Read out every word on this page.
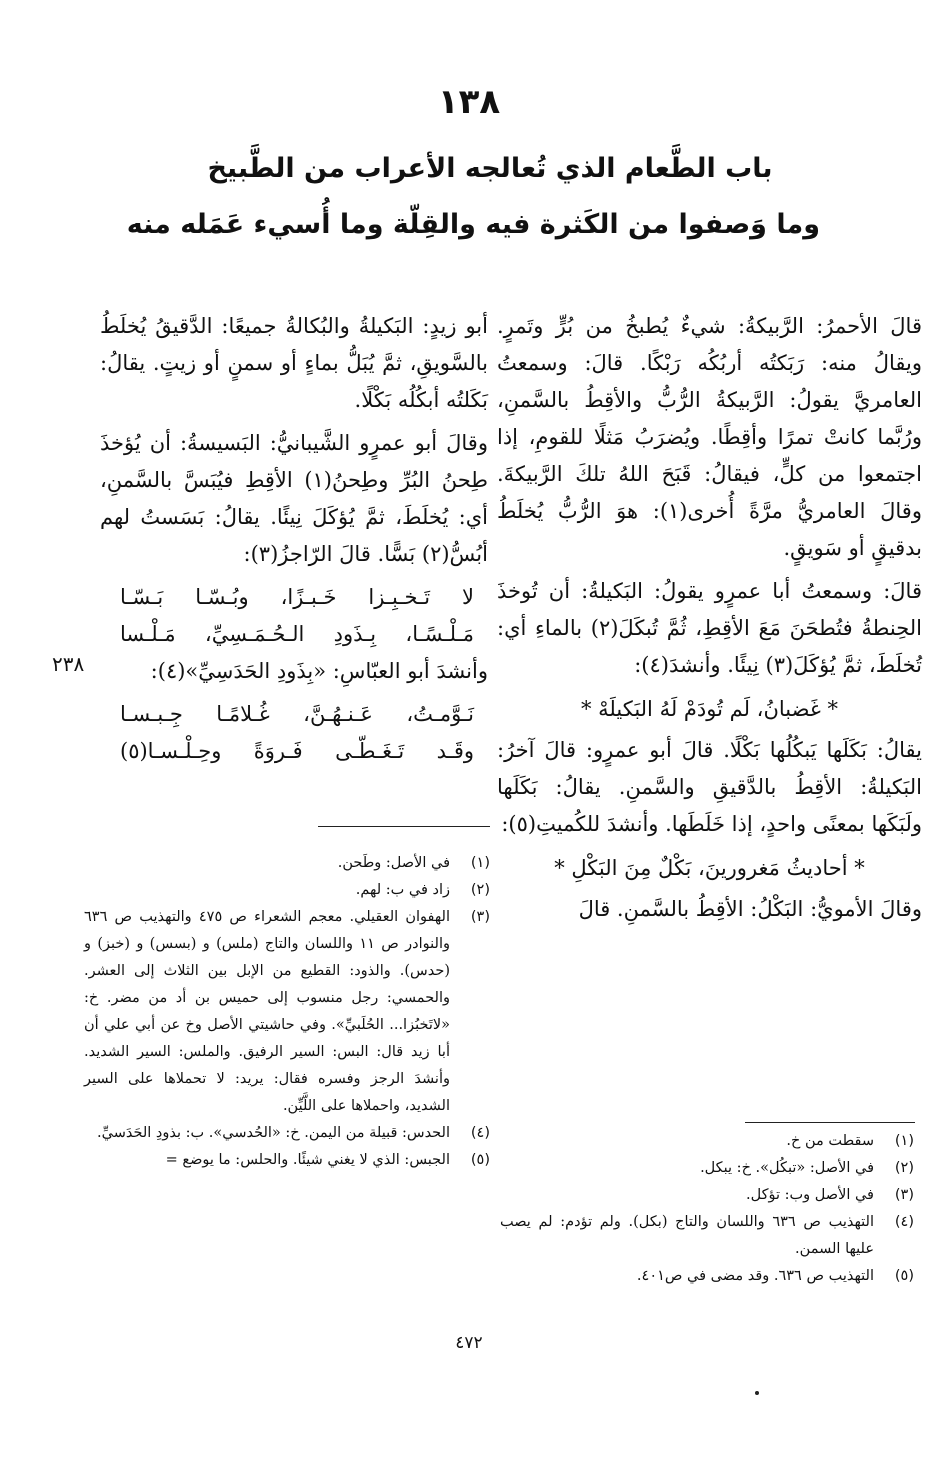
١٣٨
باب الطَّعام الذي تُعالجه الأعراب من الطَّبيخ
وما وَصفوا من الكَثرة فيه والقِلّة وما أُسيء عَمَله منه

قالَ الأحمرُ: الرَّبيكةُ: شيءٌ يُطبخُ من بُرٍّ وتَمرٍ. ويقالُ منه: رَبَكتُه أربُكُه رَبْكًا. قالَ: وسمعتُ العامريَّ يقولُ: الرَّبيكةُ الرُّبُّ والأقِطُ بالسَّمنِ، ورُبَّما كانتْ تمرًا وأقِطًا. ويُضرَبُ مَثلًا للقومِ، إذا اجتمعوا من كلٍّ، فيقالُ: قَبَحَ اللهُ تلكَ الرَّبيكةَ. وقالَ العامريُّ مرَّةً أُخرى(١): هوَ الرُّبُّ يُخلَطُ بدقيقٍ أو سَويقٍ.

قالَ: وسمعتُ أبا عمرٍو يقولُ: البَكيلةُ: أن تُوخذَ الحِنطةُ فتُطحَنَ مَعَ الأقِطِ، ثُمَّ تُبكَلَ(٢) بالماءِ أي: تُخلَطَ، ثمَّ يُؤكَلَ(٣) نِيئًا. وأنشدَ(٤):

* غَضبانُ، لَم تُودَمْ لَهُ البَكيلَهْ *

يقالُ: بَكَلَها يَبكُلُها بَكْلًا. قالَ أبو عمرٍو: قالَ آخرُ: البَكيلةُ: الأقِطُ بالدَّقيقِ والسَّمنِ. يقالُ: بَكَلَها ولَبَكَها بمعنًى واحدٍ، إذا خَلَطَها. وأنشدَ للكُميتِ(٥):

* أحاديثُ مَغرورينَ، بَكْلٌ مِنَ البَكْلِ *

وقالَ الأمويُّ: البَكْلُ: الأقِطُ بالسَّمنِ. قالَ

أبو زيدٍ: البَكيلةُ والبُكالةُ جميعًا: الدَّقيقُ يُخلَطُ بالسَّويقِ، ثمَّ يُبَلُّ بماءٍ أو سمنٍ أو زيتٍ. يقالُ: بَكَلتُه أبكُلُه بَكْلًا.

وقالَ أبو عمرٍو الشَّيبانيُّ: البَسيسةُ: أن يُؤخذَ طِحنُ البُرِّ وطِحنُ(١) الأقِطِ فيُبَسَّ بالسَّمنِ، أي: يُخلَطَ، ثمَّ يُؤكَلَ نِيئًا. يقالُ: بَسَستُ لهم أبُسُّ(٢) بَسًّا. قالَ الرّاجزُ(٣):

لا تَـخـبِـزا خَـبـزًا، وبُـسّـا بَـسّـا

مَـلْـسًـا، بِـذَودِ الـحُـمَـسِيِّ، مَـلْـسا

وأنشدَ أبو العبّاسِ: «بِذَودِ الحَدَسِيِّ»(٤):

نَـوَّمـتُ، عَـنـهُـنَّ، غُـلامًـا جِـبـسـا

وقَـد تَـغَـطّـى فَـروَةً وحِـلْـسـا(٥)

٢٣٨
(١)
في الأصل: وطَحن.
(٢)
زاد في ب: لهم.
(٣)
الهفوان العقيلي. معجم الشعراء ص ٤٧٥ والتهذيب ص ٦٣٦ والنوادر ص ١١ واللسان والتاج (ملس) و (بسس) و (خبز) و (حدس). والذود: القطيع من الإبل بين الثلاث إلى العشر. والحمسي: رجل منسوب إلى حميس بن أد من مضر. خ: «لاتَخبُزا... الحُلَبيِّ». وفي حاشيتي الأصل وخ عن أبي علي أن أبا زيد قال: البس: السير الرفيق. والملس: السير الشديد. وأنشدَ الرجز وفسره فقال: يريد: لا تحملاها على السير الشديد، واحملاها على اللَّيِّن.
(٤)
الحدس: قبيلة من اليمن. خ: «الحُدسي». ب: بذودِ الحَدَسيِّ.
(٥)
الجبس: الذي لا يغني شيئًا. والحلس: ما يوضع =
(١)
سقطت من خ.
(٢)
في الأصل: «تبكُل». خ: يبكل.
(٣)
في الأصل وب: تؤكل.
(٤)
التهذيب ص ٦٣٦ واللسان والتاج (بكل). ولم تؤدم: لم يصب عليها السمن.
(٥)
التهذيب ص ٦٣٦. وقد مضى في ص٤٠١.
٤٧٢
